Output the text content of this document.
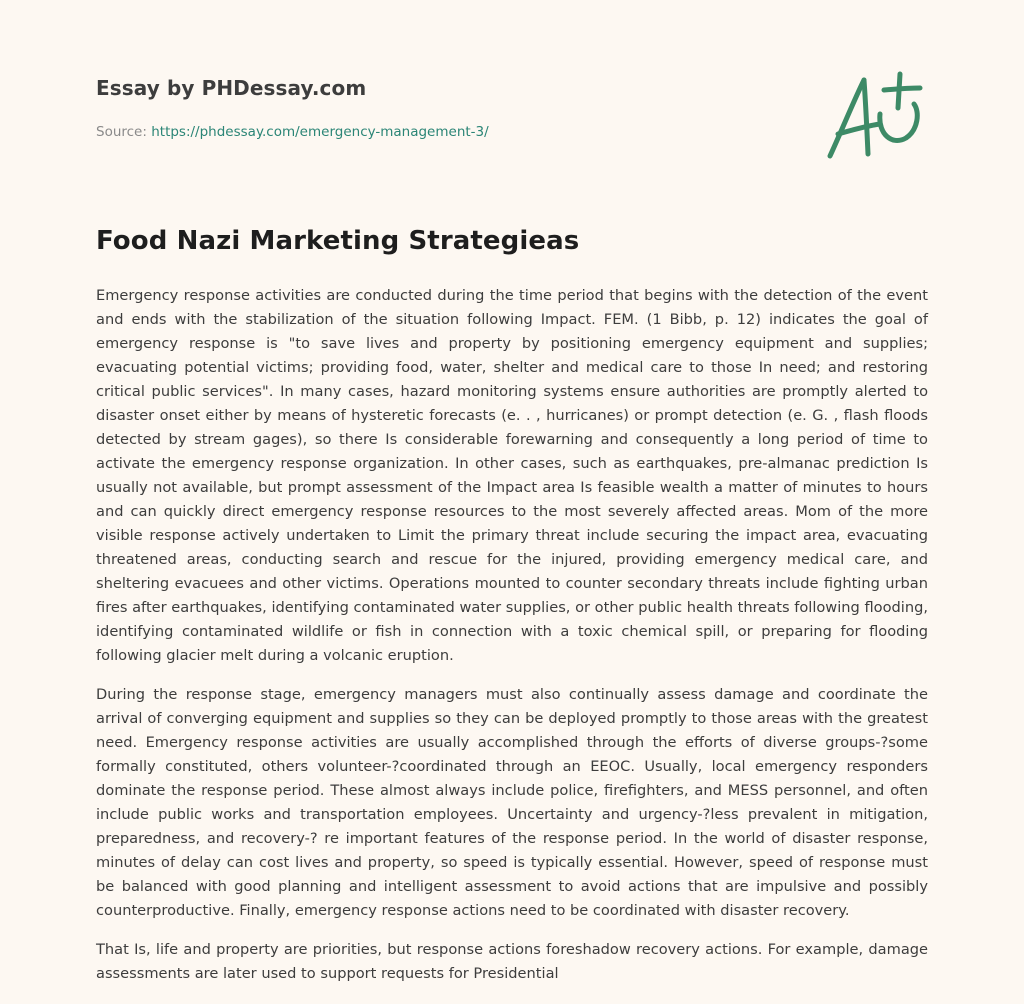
Essay by PHDessay.com
Source: https://phdessay.com/emergency-management-3/
Food Nazi Marketing Strategieas

Emergency response activities are conducted during the time period that begins with the detection of the event and ends with the stabilization of the situation following Impact. FEM. (1 Bibb, p. 12) indicates the goal of emergency response is "to save lives and property by positioning emergency equipment and supplies; evacuating potential victims; providing food, water, shelter and medical care to those In need; and restoring critical public services". In many cases, hazard monitoring systems ensure authorities are promptly alerted to disaster onset either by means of hysteretic forecasts (e. . , hurricanes) or prompt detection (e. G. , flash floods detected by stream gages), so there Is considerable forewarning and consequently a long period of time to activate the emergency response organization. In other cases, such as earthquakes, pre-almanac prediction Is usually not available, but prompt assessment of the Impact area Is feasible wealth a matter of minutes to hours and can quickly direct emergency response resources to the most severely affected areas. Mom of the more visible response actively undertaken to Limit the primary threat include securing the impact area, evacuating threatened areas, conducting search and rescue for the injured, providing emergency medical care, and sheltering evacuees and other victims. Operations mounted to counter secondary threats include fighting urban fires after earthquakes, identifying contaminated water supplies, or other public health threats following flooding, identifying contaminated wildlife or fish in connection with a toxic chemical spill, or preparing for flooding following glacier melt during a volcanic eruption.

During the response stage, emergency managers must also continually assess damage and coordinate the arrival of converging equipment and supplies so they can be deployed promptly to those areas with the greatest need. Emergency response activities are usually accomplished through the efforts of diverse groups-?some formally constituted, others volunteer-?coordinated through an EEOC. Usually, local emergency responders dominate the response period. These almost always include police, firefighters, and MESS personnel, and often include public works and transportation employees. Uncertainty and urgency-?less prevalent in mitigation, preparedness, and recovery-? re important features of the response period. In the world of disaster response, minutes of delay can cost lives and property, so speed is typically essential. However, speed of response must be balanced with good planning and intelligent assessment to avoid actions that are impulsive and possibly counterproductive. Finally, emergency response actions need to be coordinated with disaster recovery.

That Is, life and property are priorities, but response actions foreshadow recovery actions. For example, damage assessments are later used to support requests for Presidential
